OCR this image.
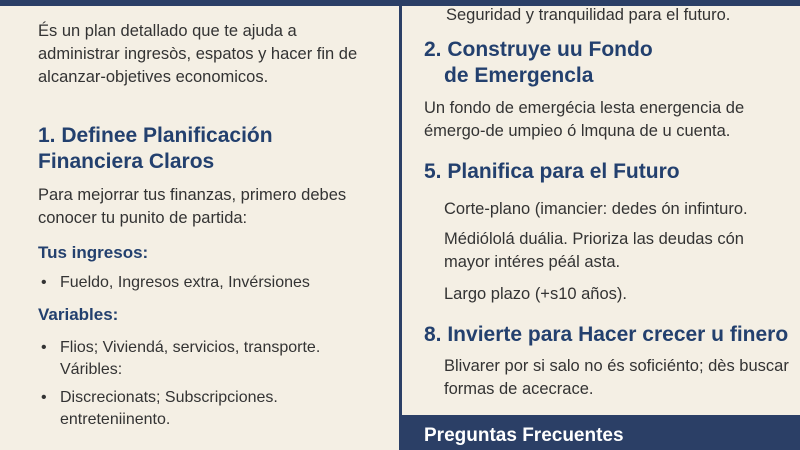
És un plan detallado que te ajuda a administrar ingresòs, espatos y hacer fin de alcanzar-objetives economicos.

1. Definee Planificación
Financiera Claros

Para mejorrar tus finanzas, primero debes conocer tu punito de partida:

Tus ingresos:
• Fueldo, Ingresos extra, Invérsiones
Variables:
• Flios; Viviendá, servicios, transporte. Váribles:
• Discrecionats; Subscripciones. entreteniinento.

Seguridad y tranquilidad para el futuro.

2. Construye uu Fondo
de Emergencla

Un fondo de emergécia lesta energencia de émergo-de umpieo ó lmquna de u cuenta.

5. Planifica para el Futuro

Corte-plano (imancier: dedes ón infinturo.

Médiólolá duália. Prioriza las deudas cón mayor intéres péál asta.

Largo plazo (+s10 años).

8. Invierte para Hacer crecer u finero

Blivarer por si salo no és soficiénto; dès buscar formas de acecrace.

Preguntas Frecuentes
